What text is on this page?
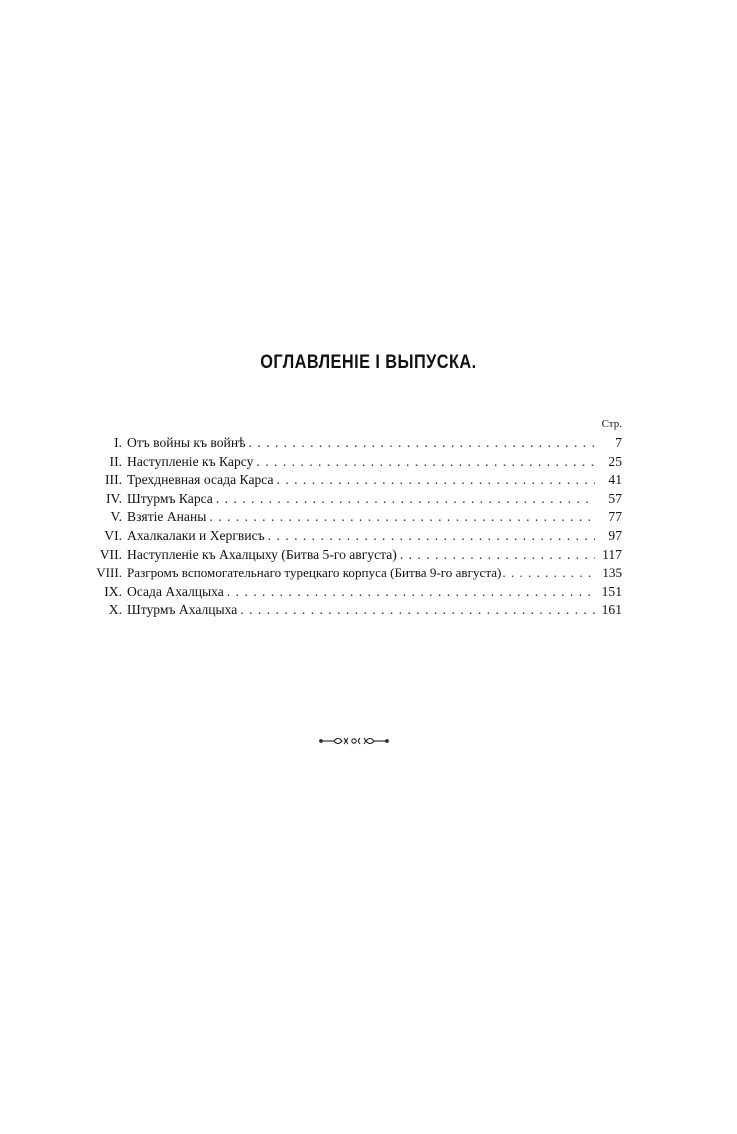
ОГЛАВЛЕНІЕ I ВЫПУСКА.
Стр.
I. Отъ войны къ войнѣ . . .	7
II. Наступленіе къ Карсу . . .	25
III. Трехдневная осада Карса . . .	41
IV. Штурмъ Карса . . .	57
V. Взятіе Ананы . . .	77
VI. Ахалкалаки и Хергвисъ . . .	97
VII. Наступленіе къ Ахалцыху (Битва 5-го августа) . . .	117
VIII. Разгромъ вспомогательнаго турецкаго корпуса (Битва 9-го августа) . . .	135
IX. Осада Ахалцыха . . .	151
X. Штурмъ Ахалцыха . . .	161
